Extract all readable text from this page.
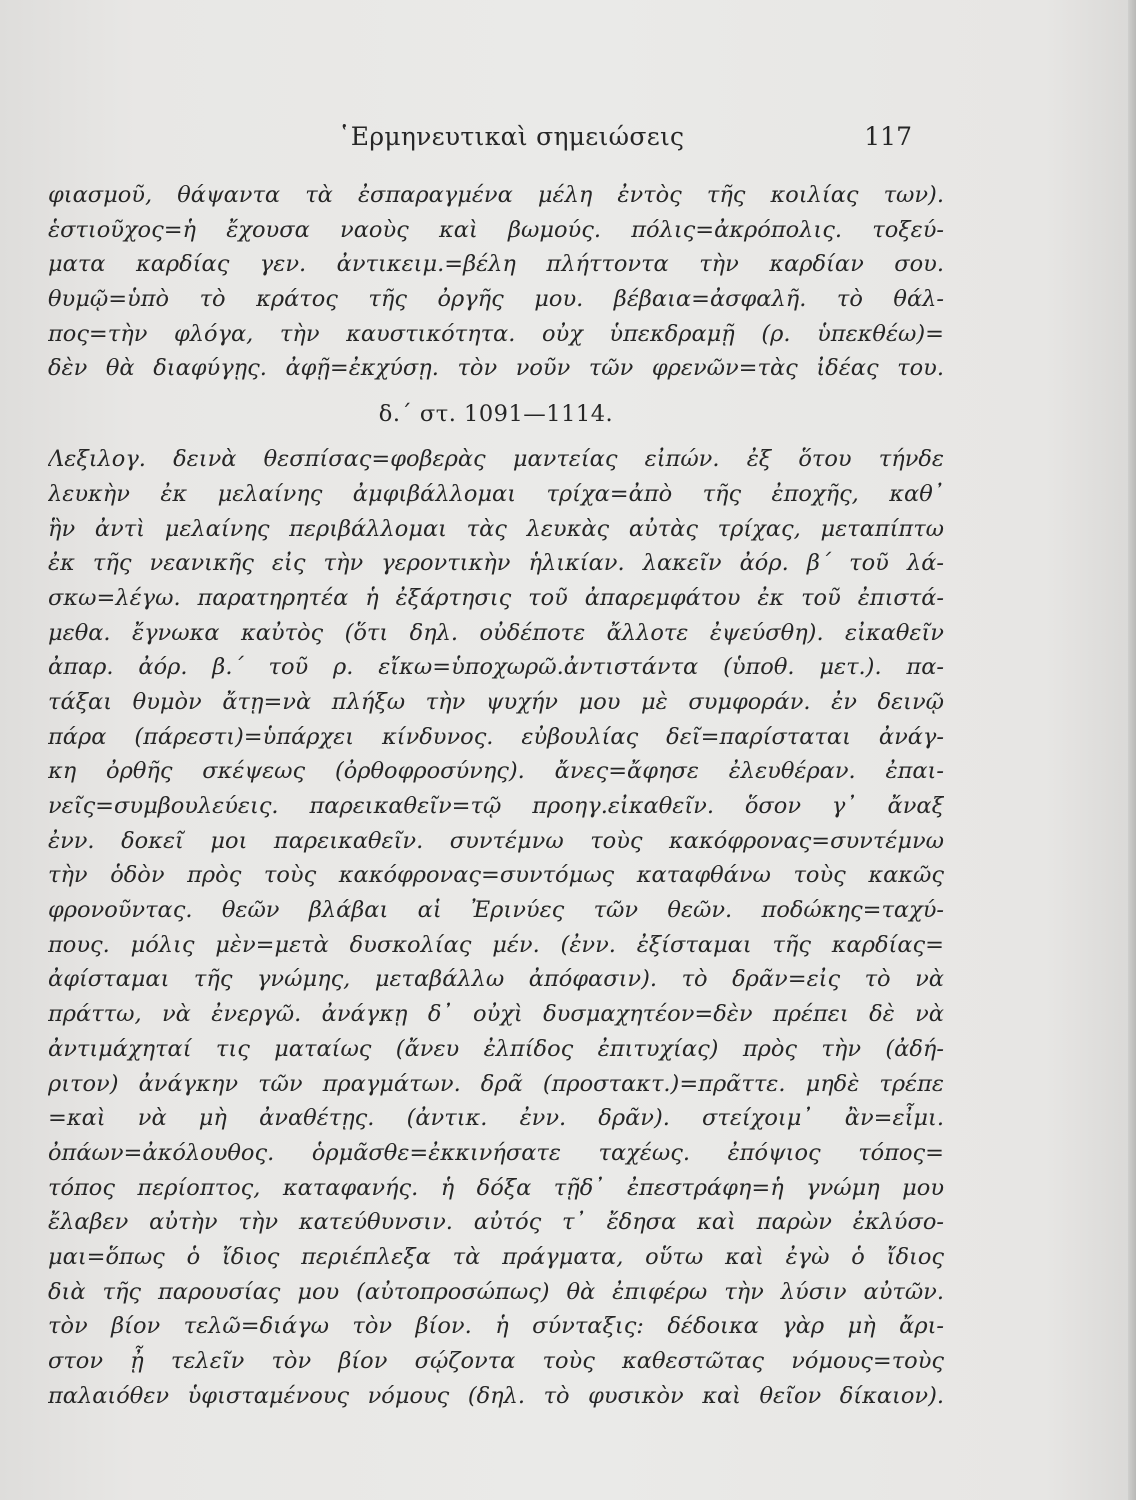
῾Ερμηνευτικαὶ σημειώσεις	117
φιασμοῦ, θάψαντα τὰ ἐσπαραγμένα μέλη ἐντὸς τῆς κοιλίας των).
ἑστιοῦχος=ἡ ἔχουσα ναοὺς καὶ βωμούς. πόλις=ἀκρόπολις. τοξεύ-
ματα καρδίας γεν. ἀντικειμ.=βέλη πλήττοντα τὴν καρδίαν σου.
θυμῷ=ὑπὸ τὸ κράτος τῆς ὀργῆς μου. βέβαια=ἀσφαλῆ. τὸ θάλ-
πος=τὴν φλόγα, τὴν καυστικότητα. οὐχ ὑπεκδραμῇ (ρ. ὑπεκθέω)=
δὲν θὰ διαφύγῃς. ἀφῇ=ἐκχύσῃ. τὸν νοῦν τῶν φρενῶν=τὰς ἰδέας του.
δ.΄ στ. 1091—1114.
Λεξιλογ. δεινὰ θεσπίσας=φοβερὰς μαντείας εἰπών. ἐξ ὅτου τήνδε
λευκὴν ἐκ μελαίνης ἀμφιβάλλομαι τρίχα=ἀπὸ τῆς ἐποχῆς, καθ᾽
ἣν ἀντὶ μελαίνης περιβάλλομαι τὰς λευκὰς αὐτὰς τρίχας, μεταπίπτω
ἐκ τῆς νεανικῆς εἰς τὴν γεροντικὴν ἡλικίαν. λακεῖν ἀόρ. β΄ τοῦ λά-
σκω=λέγω. παρατηρητέα ἡ ἐξάρτησις τοῦ ἀπαρεμφάτου ἐκ τοῦ ἐπιστά-
μεθα. ἔγνωκα καὐτὸς (ὅτι δηλ. οὐδέποτε ἄλλοτε ἐψεύσθη). εἰκαθεῖν
ἀπαρ. ἀόρ. β.΄ τοῦ ρ. εἴκω=ὑποχωρῶ.ἀντιστάντα (ὑποθ. μετ.). πα-
τάξαι θυμὸν ἄτῃ=νὰ πλήξω τὴν ψυχήν μου μὲ συμφοράν. ἐν δεινῷ
πάρα (πάρεστι)=ὑπάρχει κίνδυνος. εὐβουλίας δεῖ=παρίσταται ἀνάγ-
κη ὀρθῆς σκέψεως (ὀρθοφροσύνης). ἄνες=ἄφησε ἐλευθέραν. ἐπαι-
νεῖς=συμβουλεύεις. παρεικαθεῖν=τῷ προηγ.εἰκαθεῖν. ὅσον γ᾽ ἄναξ
ἐνν. δοκεῖ μοι παρεικαθεῖν. συντέμνω τοὺς κακόφρονας=συντέμνω
τὴν ὁδὸν πρὸς τοὺς κακόφρονας=συντόμως καταφθάνω τοὺς κακῶς
φρονοῦντας. θεῶν βλάβαι αἱ Ἐρινύες τῶν θεῶν. ποδώκης=ταχύ-
πους. μόλις μὲν=μετὰ δυσκολίας μέν. (ἐνν. ἐξίσταμαι τῆς καρδίας=
ἀφίσταμαι τῆς γνώμης, μεταβάλλω ἀπόφασιν). τὸ δρᾶν=εἰς τὸ νὰ
πράττω, νὰ ἐνεργῶ. ἀνάγκῃ δ᾽ οὐχὶ δυσμαχητέον=δὲν πρέπει δὲ νὰ
ἀντιμάχηταί τις ματαίως (ἄνευ ἐλπίδος ἐπιτυχίας) πρὸς τὴν (ἀδή-
ριτον) ἀνάγκην τῶν πραγμάτων. δρᾶ (προστακτ.)=πρᾶττε. μηδὲ τρέπε
=καὶ νὰ μὴ ἀναθέτῃς. (ἀντικ. ἐνν. δρᾶν). στείχοιμ᾽ ἂν=εἶμι.
ὀπάων=ἀκόλουθος. ὁρμᾶσθε=ἐκκινήσατε ταχέως. ἐπόψιος τόπος=
τόπος περίοπτος, καταφανής. ἡ δόξα τῇδ᾽ ἐπεστράφη=ἡ γνώμη μου
ἔλαβεν αὐτὴν τὴν κατεύθυνσιν. αὐτός τ᾽ ἔδησα καὶ παρὼν ἐκλύσο-
μαι=ὅπως ὁ ἴδιος περιέπλεξα τὰ πράγματα, οὕτω καὶ ἐγὼ ὁ ἴδιος
διὰ τῆς παρουσίας μου (αὐτοπροσώπως) θὰ ἐπιφέρω τὴν λύσιν αὐτῶν.
τὸν βίον τελῶ=διάγω τὸν βίον. ἡ σύνταξις: δέδοικα γὰρ μὴ ἄρι-
στον ᾖ τελεῖν τὸν βίον σῴζοντα τοὺς καθεστῶτας νόμους=τοὺς
παλαιόθεν ὑφισταμένους νόμους (δηλ. τὸ φυσικὸν καὶ θεῖον δίκαιον).
